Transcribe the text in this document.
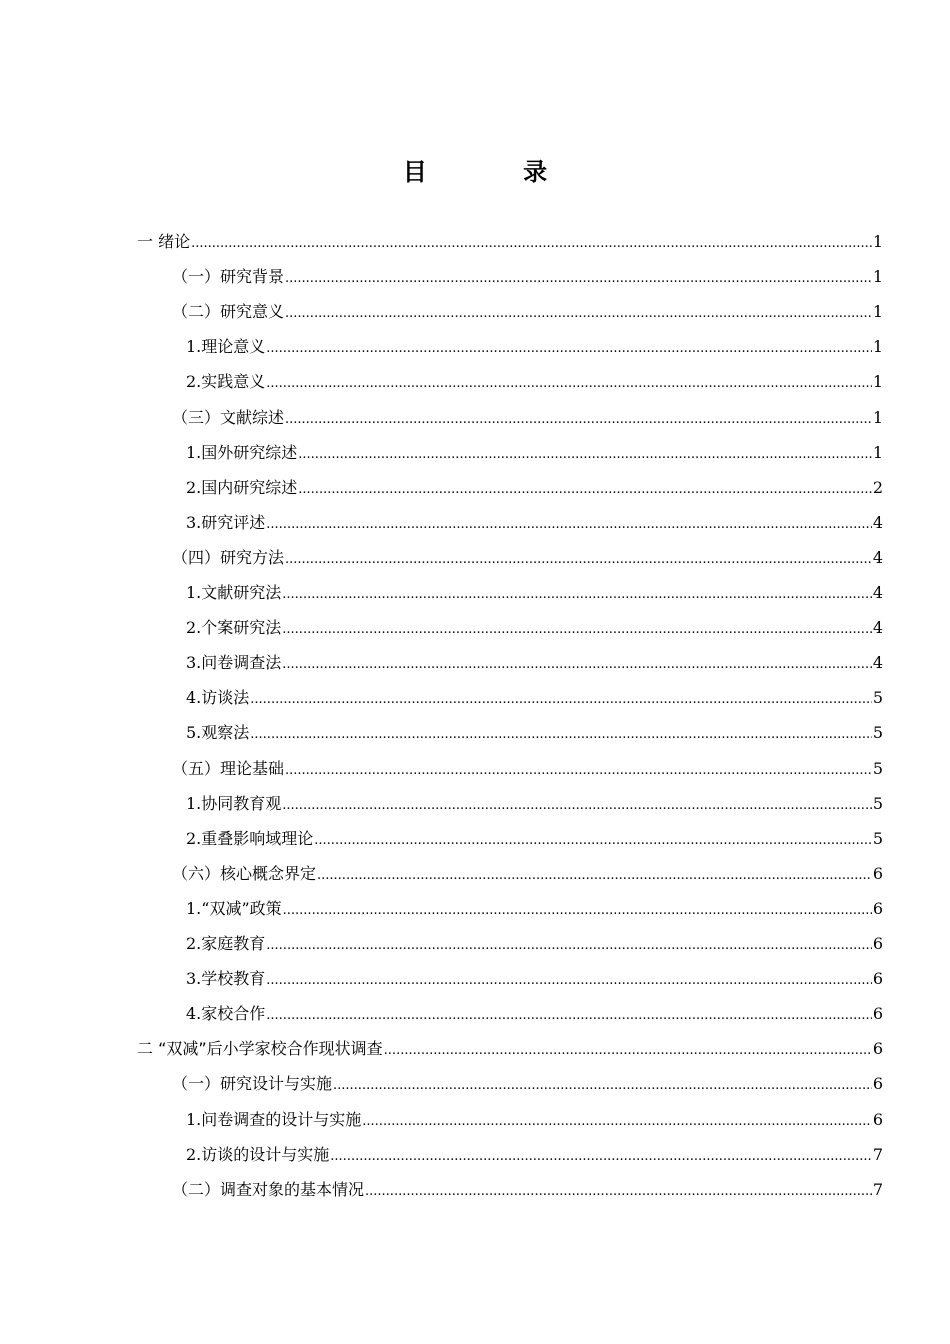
目 录
一 绪论 .....	1
（一）研究背景 .....	1
（二）研究意义 .....	1
1.理论意义 .....	1
2.实践意义 .....	1
（三）文献综述 .....	1
1.国外研究综述 .....	1
2.国内研究综述 .....	2
3.研究评述 .....	4
（四）研究方法 .....	4
1.文献研究法 .....	4
2.个案研究法 .....	4
3.问卷调查法 .....	4
4.访谈法 .....	5
5.观察法 .....	5
（五）理论基础 .....	5
1.协同教育观 .....	5
2.重叠影响域理论 .....	5
（六）核心概念界定 .....	6
1.“双减”政策 .....	6
2.家庭教育 .....	6
3.学校教育 .....	6
4.家校合作 .....	6
二 “双减”后小学家校合作现状调查 .....	6
（一）研究设计与实施 .....	6
1.问卷调查的设计与实施 .....	6
2.访谈的设计与实施 .....	7
（二）调查对象的基本情况 .....	7
